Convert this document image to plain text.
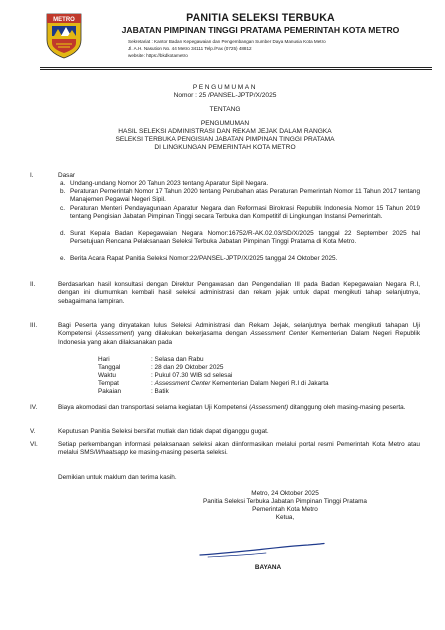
METRO	PANITIA SELEKSI TERBUKA
JABATAN PIMPINAN TINGGI PRATAMA PEMERINTAH KOTA METRO
Sekretariat : Kantor Badan Kepegawaian dan Pengembangan Sumber Daya Manusia Kota Metro
Jl. A.H. Nasution No. 44 Metro 34111 Telp./Fax (0725) 48812
website: https://bkdkotametro
PENGUMUMAN
Nomor : 25 /PANSEL-JPTP/X/2025
TENTANG
PENGUMUMAN
HASIL SELEKSI ADMINISTRASI DAN REKAM JEJAK DALAM RANGKA
SELEKSI TERBUKA PENGISIAN JABATAN PIMPINAN TINGGI PRATAMA
DI LINGKUNGAN PEMERINTAH KOTA METRO
I.	Dasar
a. Undang-undang Nomor 20 Tahun 2023 tentang Aparatur Sipil Negara.
b. Peraturan Pemerintah Nomor 17 Tahun 2020 tentang Perubahan atas Peraturan Pemerintah Nomor 11 Tahun 2017 tentang Manajemen Pegawai Negeri Sipil.
c. Peraturan Menteri Pendayagunaan Aparatur Negara dan Reformasi Birokrasi Republik Indonesia Nomor 15 Tahun 2019 tentang Pengisian Jabatan Pimpinan Tinggi secara Terbuka dan Kompetitif di Lingkungan Instansi Pemerintah.
d. Surat Kepala Badan Kepegawaian Negara Nomor:16752/R-AK.02.03/SD/X/2025 tanggal 22 September 2025 hal Persetujuan Rencana Pelaksanaan Seleksi Terbuka Jabatan Pimpinan Tinggi Pratama di Kota Metro.
e. Berita Acara Rapat Panitia Seleksi Nomor:22/PANSEL-JPTP/X/2025 tanggal 24 Oktober 2025.
II.	Berdasarkan hasil konsultasi dengan Direktur Pengawasan dan Pengendalian III pada Badan Kepegawaian Negara R.I, dengan ini diumumkan kembali hasil seleksi administrasi dan rekam jejak untuk dapat mengikuti tahap selanjutnya, sebagaimana lampiran.
III.	Bagi Peserta yang dinyatakan lulus Seleksi Administrasi dan Rekam Jejak, selanjutnya berhak mengikuti tahapan Uji Kompetensi (Assessment) yang dilakukan bekerjasama dengan Assessment Center Kementerian Dalam Negeri Republik Indonesia yang akan dilaksanakan pada
Hari	: Selasa dan Rabu
Tanggal	: 28 dan 29 Oktober 2025
Waktu	: Pukul 07.30 WIB sd selesai
Tempat	: Assessment Center Kementerian Dalam Negeri R.I di Jakarta
Pakaian	: Batik
IV.	Biaya akomodasi dan transportasi selama kegiatan Uji Kompetensi (Assessment) ditanggung oleh masing-masing peserta.
V.	Keputusan Panitia Seleksi bersifat mutlak dan tidak dapat diganggu gugat.
VI.	Setiap perkembangan informasi pelaksanaan seleksi akan diinformasikan melalui portal resmi Pemerintah Kota Metro atau melalui SMS/Whaatsapp ke masing-masing peserta seleksi.
Demikian untuk maklum dan terima kasih.
Metro, 24 Oktober 2025
Panitia Seleksi Terbuka Jabatan Pimpinan Tinggi Pratama
Pemerintah Kota Metro
Ketua,
BAYANA
